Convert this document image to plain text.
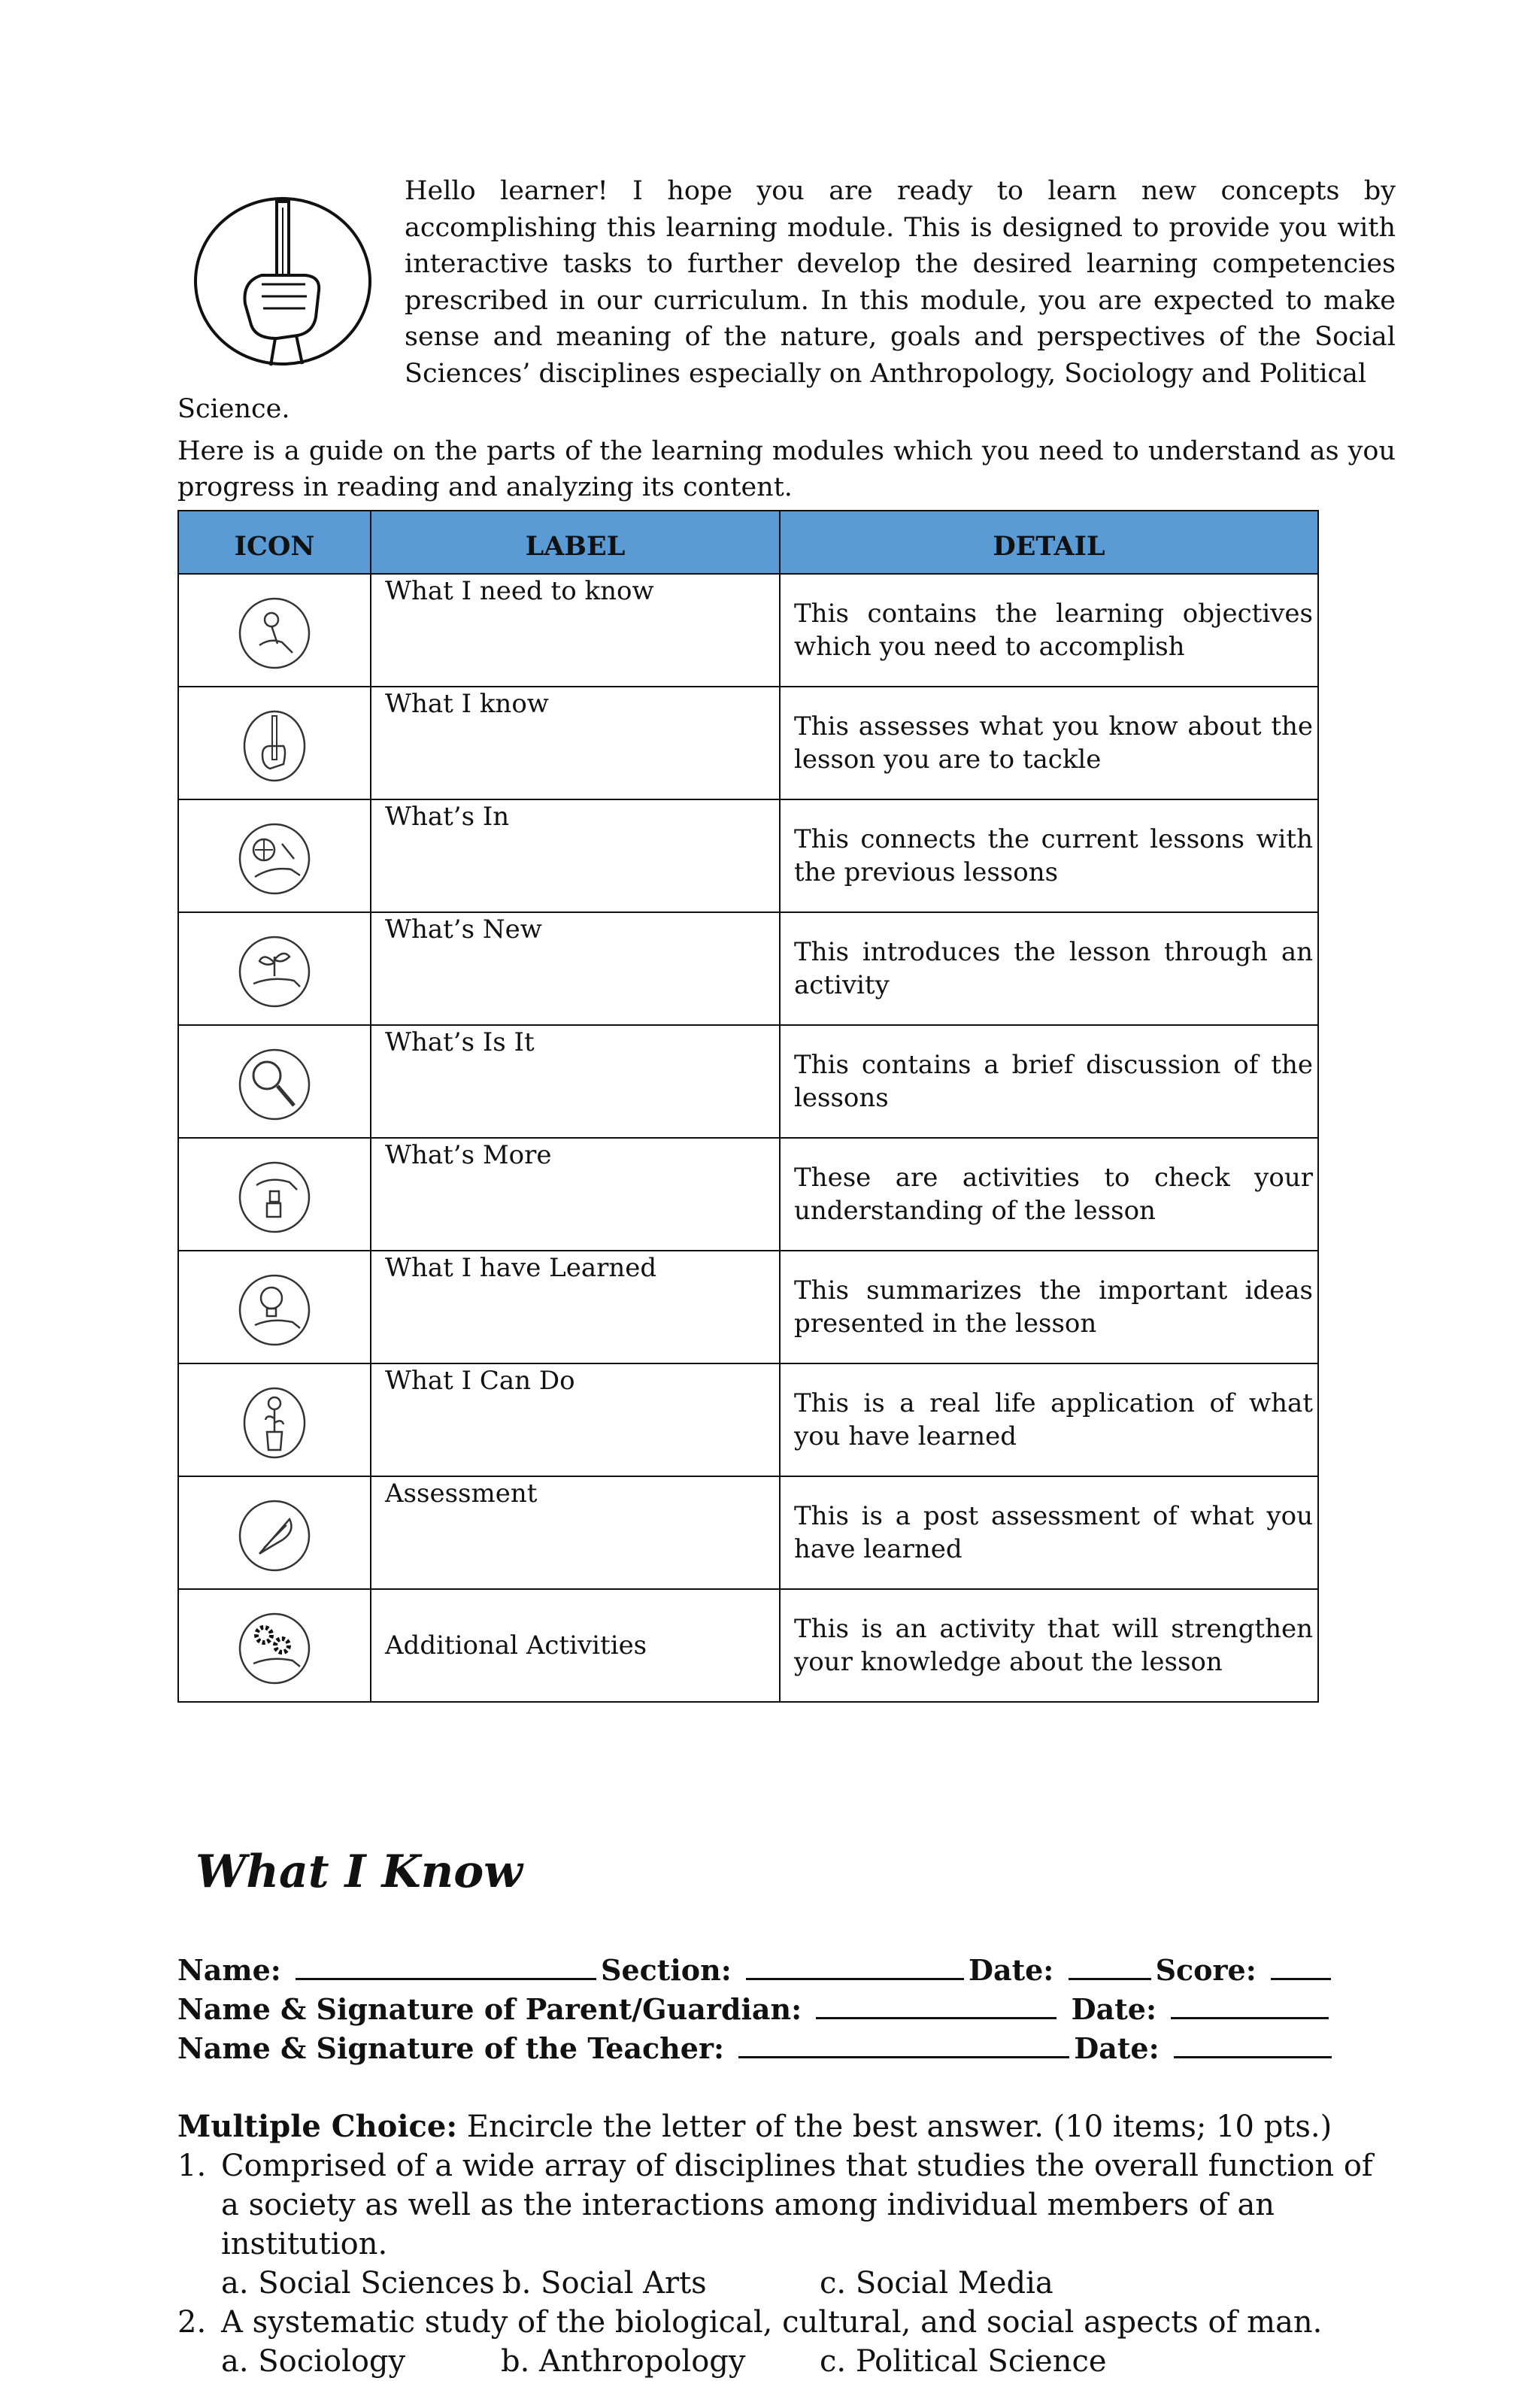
Hello learner! I hope you are ready to learn new concepts by accomplishing this learning module. This is designed to provide you with interactive tasks to further develop the desired learning competencies prescribed in our curriculum. In this module, you are expected to make sense and meaning of the nature, goals and perspectives of the Social Sciences’ disciplines especially on Anthropology, Sociology and Political
Science.
Here is a guide on the parts of the learning modules which you need to understand as you progress in reading and analyzing its content.
ICON	LABEL	DETAIL

	What I need to know	This contains the learning objectives which you need to accomplish

	What I know	This assesses what you know about the lesson you are to tackle

	What’s In	This connects the current lessons with the previous lessons

	What’s New	This introduces the lesson through an activity

	What’s Is It	This contains a brief discussion of the lessons

	What’s More	These are activities to check your understanding of the lesson

	What I have Learned	This summarizes the important ideas presented in the lesson

	What I Can Do	This is a real life application of what you have learned

	Assessment	This is a post assessment of what you have learned

	Additional Activities	This is an activity that will strengthen your knowledge about the lesson
What I Know
Name:	Section:	Date:	Score:
Name & Signature of Parent/Guardian:	Date:
Name & Signature of the Teacher:	Date:
Multiple Choice: Encircle the letter of the best answer. (10 items; 10 pts.)
1. Comprised of a wide array of disciplines that studies the overall function of a society as well as the interactions among individual members of an institution.
a. Social Sciences b. Social Arts	c. Social Media
2. A systematic study of the biological, cultural, and social aspects of man.
a. Sociology	b. Anthropology	c. Political Science
